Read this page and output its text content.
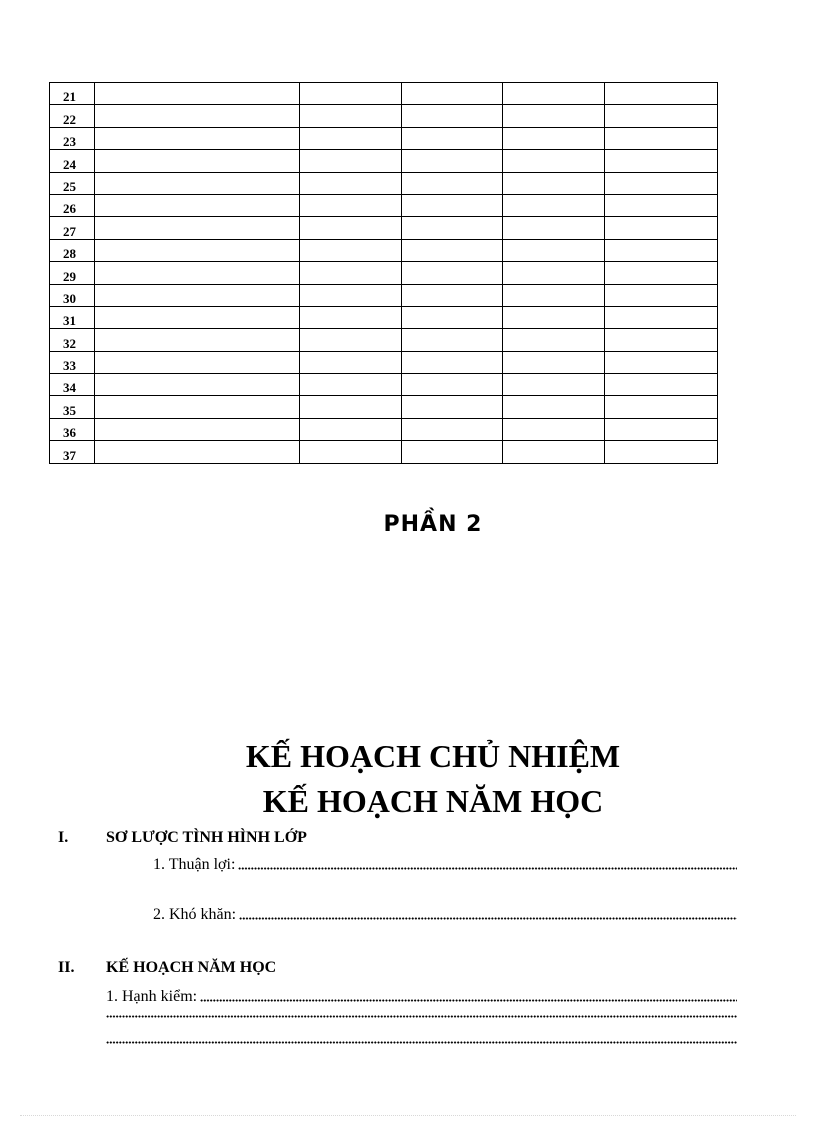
21					
22					
23					
24					
25					
26					
27					
28					
29					
30					
31					
32					
33					
34					
35					
36					
37					
PHẦN 2
KẾ HOẠCH CHỦ NHIỆM
KẾ HOẠCH NĂM HỌC
I. SƠ LƯỢC TÌNH HÌNH LỚP
1. Thuận lợi:
2. Khó khăn:
II. KẾ HOẠCH NĂM HỌC
1. Hạnh kiểm:
